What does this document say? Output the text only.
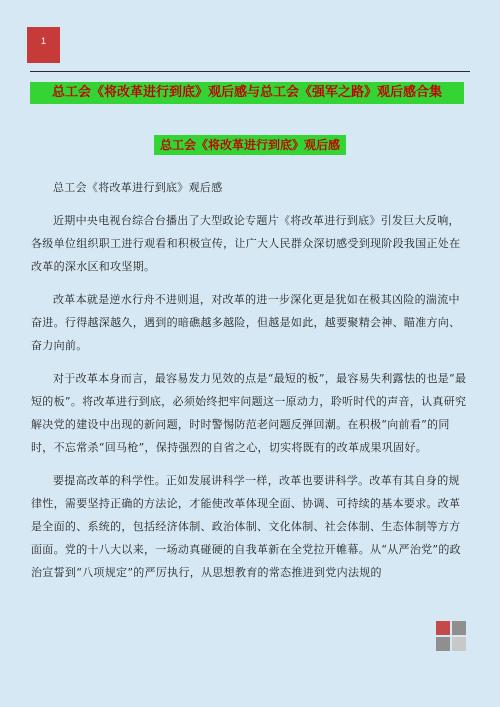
1
总工会《将改革进行到底》观后感与总工会《强军之路》观后感合集
总工会《将改革进行到底》观后感

总工会《将改革进行到底》观后感

近期中央电视台综合台播出了大型政论专题片《将改革进行到底》引发巨大反响，各级单位组织职工进行观看和积极宣传，让广大人民群众深切感受到现阶段我国正处在改革的深水区和攻坚期。

改革本就是逆水行舟不进则退，对改革的进一步深化更是犹如在极其凶险的湍流中奋进。行得越深越久，遇到的暗礁越多越险，但越是如此，越要聚精会神、瞄准方向、奋力向前。

对于改革本身而言，最容易发力见效的点是“最短的板”，最容易失利露怯的也是“最短的板”。将改革进行到底，必须始终把牢问题这一原动力，聆听时代的声音，认真研究解决党的建设中出现的新问题，时时警惕防范老问题反弹回潮。在积极“向前看”的同时，不忘常杀“回马枪”，保持强烈的自省之心，切实将既有的改革成果巩固好。

要提高改革的科学性。正如发展讲科学一样，改革也要讲科学。改革有其自身的规律性，需要坚持正确的方法论，才能使改革体现全面、协调、可持续的基本要求。改革是全面的、系统的，包括经济体制、政治体制、文化体制、社会体制、生态体制等方方面面。党的十八大以来，一场动真碰硬的自我革新在全党拉开帷幕。从“从严治党”的政治宣誓到“八项规定”的严厉执行，从思想教育的常态推进到党内法规的
